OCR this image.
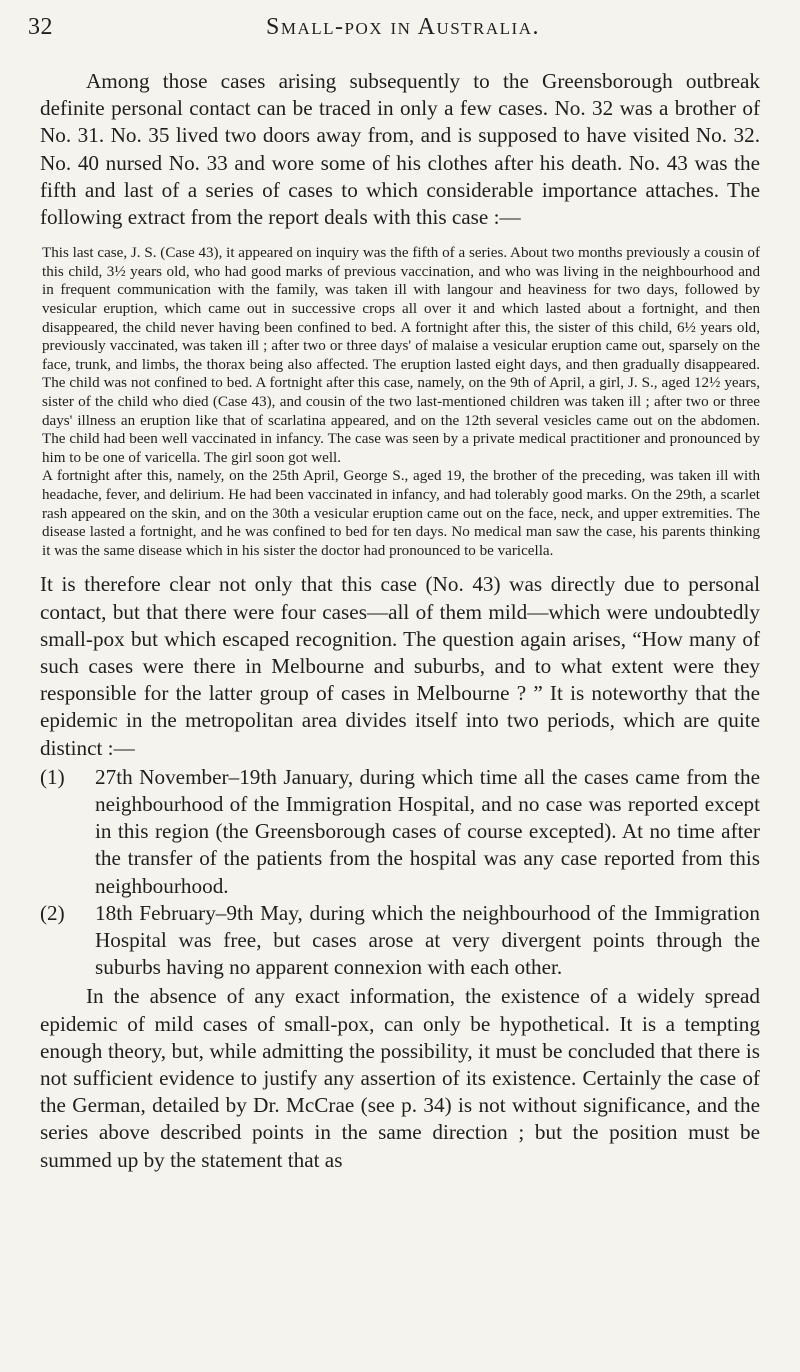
32	Small-pox in Australia.

Among those cases arising subsequently to the Greensborough outbreak definite personal contact can be traced in only a few cases. No. 32 was a brother of No. 31. No. 35 lived two doors away from, and is supposed to have visited No. 32. No. 40 nursed No. 33 and wore some of his clothes after his death. No. 43 was the fifth and last of a series of cases to which considerable importance attaches. The following extract from the report deals with this case :—

This last case, J. S. (Case 43), it appeared on inquiry was the fifth of a series. About two months previously a cousin of this child, 3½ years old, who had good marks of previous vaccination, and who was living in the neighbourhood and in frequent communication with the family, was taken ill with langour and heaviness for two days, followed by vesicular eruption, which came out in successive crops all over it and which lasted about a fortnight, and then disappeared, the child never having been confined to bed. A fortnight after this, the sister of this child, 6½ years old, previously vaccinated, was taken ill ; after two or three days' of malaise a vesicular eruption came out, sparsely on the face, trunk, and limbs, the thorax being also affected. The eruption lasted eight days, and then gradually disappeared. The child was not confined to bed. A fortnight after this case, namely, on the 9th of April, a girl, J. S., aged 12½ years, sister of the child who died (Case 43), and cousin of the two last-mentioned children was taken ill ; after two or three days' illness an eruption like that of scarlatina appeared, and on the 12th several vesicles came out on the abdomen. The child had been well vaccinated in infancy. The case was seen by a private medical practitioner and pronounced by him to be one of varicella. The girl soon got well.

A fortnight after this, namely, on the 25th April, George S., aged 19, the brother of the preceding, was taken ill with headache, fever, and delirium. He had been vaccinated in infancy, and had tolerably good marks. On the 29th, a scarlet rash appeared on the skin, and on the 30th a vesicular eruption came out on the face, neck, and upper extremities. The disease lasted a fortnight, and he was confined to bed for ten days. No medical man saw the case, his parents thinking it was the same disease which in his sister the doctor had pronounced to be varicella.

It is therefore clear not only that this case (No. 43) was directly due to personal contact, but that there were four cases—all of them mild—which were undoubtedly small-pox but which escaped recognition. The question again arises, “How many of such cases were there in Melbourne and suburbs, and to what extent were they responsible for the latter group of cases in Melbourne ? ” It is noteworthy that the epidemic in the metropolitan area divides itself into two periods, which are quite distinct :—

(1)	27th November–19th January, during which time all the cases came from the neighbourhood of the Immigration Hospital, and no case was reported except in this region (the Greensborough cases of course excepted). At no time after the transfer of the patients from the hospital was any case reported from this neighbourhood.
(2)	18th February–9th May, during which the neighbourhood of the Immigration Hospital was free, but cases arose at very divergent points through the suburbs having no apparent connexion with each other.

In the absence of any exact information, the existence of a widely spread epidemic of mild cases of small-pox, can only be hypothetical. It is a tempting enough theory, but, while admitting the possibility, it must be concluded that there is not sufficient evidence to justify any assertion of its existence. Certainly the case of the German, detailed by Dr. McCrae (see p. 34) is not without significance, and the series above described points in the same direction ; but the position must be summed up by the statement that as
